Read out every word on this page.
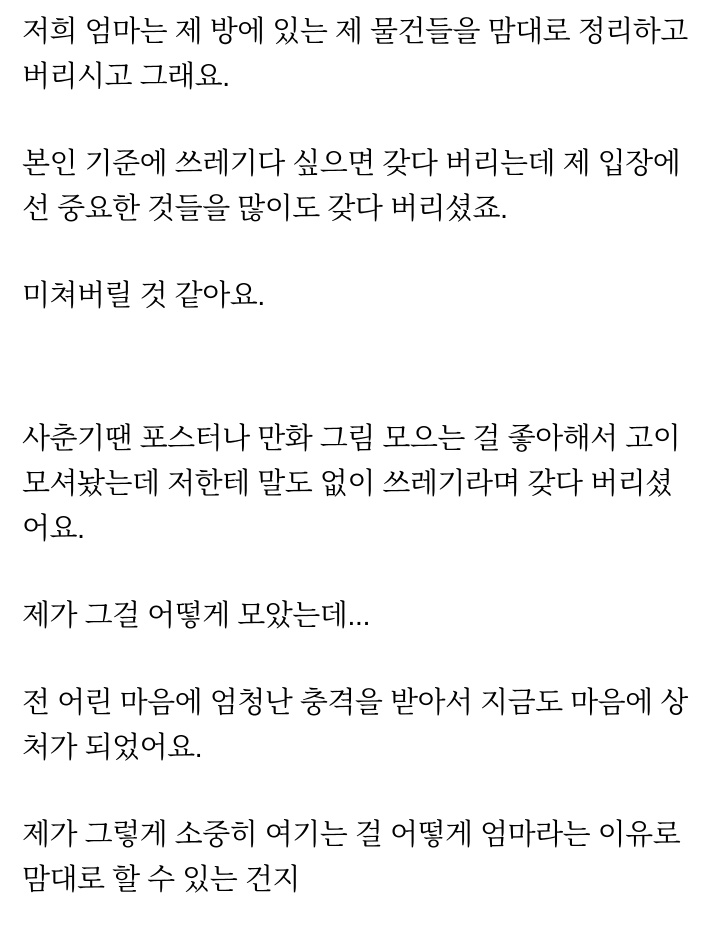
저희 엄마는 제 방에 있는 제 물건들을 맘대로 정리하고 버리시고 그래요.

본인 기준에 쓰레기다 싶으면 갖다 버리는데 제 입장에선 중요한 것들을 많이도 갖다 버리셨죠.

미쳐버릴 것 같아요.

사춘기땐 포스터나 만화 그림 모으는 걸 좋아해서 고이 모셔놨는데 저한테 말도 없이 쓰레기라며 갖다 버리셨어요.

제가 그걸 어떻게 모았는데...

전 어린 마음에 엄청난 충격을 받아서 지금도 마음에 상처가 되었어요.

제가 그렇게 소중히 여기는 걸 어떻게 엄마라는 이유로 맘대로 할 수 있는 건지
